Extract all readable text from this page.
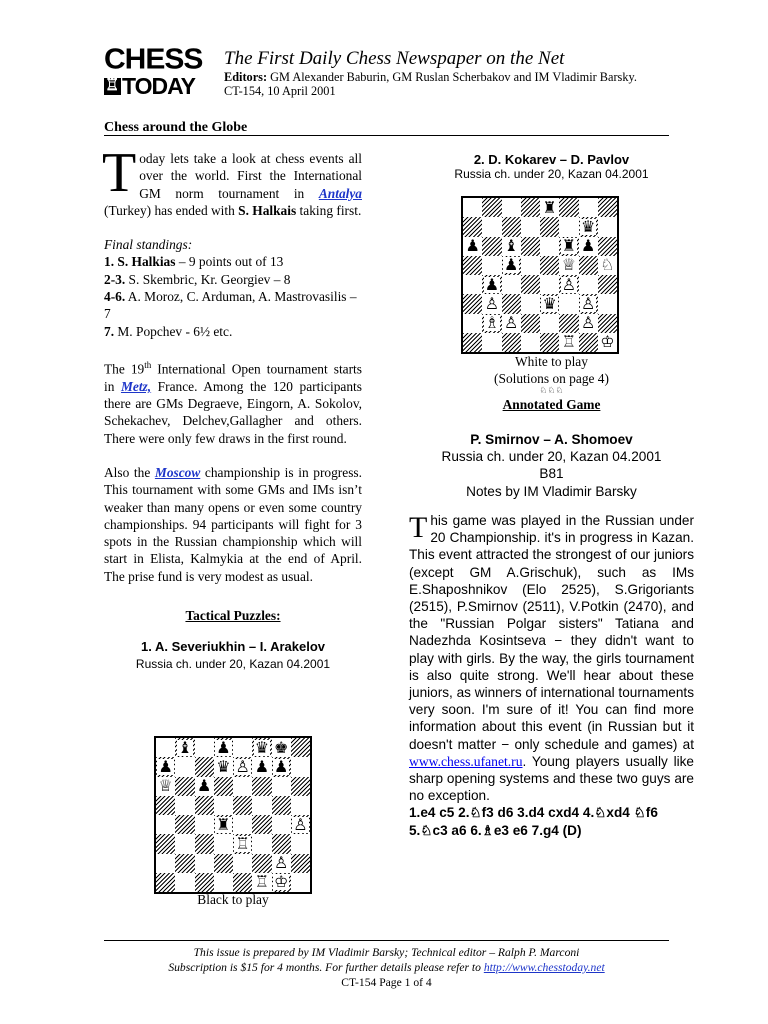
CHESS
♖
TODAY
The First Daily Chess Newspaper on the Net
Editors: GM Alexander Baburin, GM Ruslan Scherbakov and IM Vladimir Barsky.
CT-154, 10 April 2001
Chess around the Globe

Today lets take a look at chess events all over the world. First the International GM norm tournament in Antalya (Turkey) has ended with S. Halkais taking first.

Final standings:
1. S. Halkias – 9 points out of 13
2-3. S. Skembric, Kr. Georgiev – 8
4-6. A. Moroz, C. Arduman, A. Mastrovasilis – 7
7. M. Popchev - 6½ etc.

The 19th International Open tournament starts in Metz, France. Among the 120 participants there are GMs Degraeve, Eingorn, A. Sokolov, Schekachev, Delchev,Gallagher and others. There were only few draws in the first round.

Also the Moscow championship is in progress. This tournament with some GMs and IMs isn’t weaker than many opens or even some country championships. 94 participants will fight for 3 spots in the Russian championship which will start in Elista, Kalmykia at the end of April. The prise fund is very modest as usual.

Tactical Puzzles:
1. A. Severiukhin – I. Arakelov
Russia ch. under 20, Kazan 04.2001
♝ ♟ ♛ ♚
♟	♛ ♙ ♟ ♟
♕ ♟
♜	♙
♖
♙
♖ ♔
Black to play
2. D. Kokarev – D. Pavlov
Russia ch. under 20, Kazan 04.2001
♜
♛
♟ ♝	♜ ♟
♟	♕ ♘
♟	♙
♙	♛ ♙
♗ ♙	♙
♖ ♔
White to play
(Solutions on page 4)
♘♘♘
Annotated Game
P. Smirnov – A. Shomoev
Russia ch. under 20, Kazan 04.2001
B81
Notes by IM Vladimir Barsky
This game was played in the Russian under 20 Championship. it's in progress in Kazan. This event attracted the strongest of our juniors (except GM A.Grischuk), such as IMs E.Shaposhnikov (Elo 2525), S.Grigoriants (2515), P.Smirnov (2511), V.Potkin (2470), and the "Russian Polgar sisters" Tatiana and Nadezhda Kosintseva − they didn't want to play with girls. By the way, the girls tournament is also quite strong. We'll hear about these juniors, as winners of international tournaments very soon. I'm sure of it! You can find more information about this event (in Russian but it doesn't matter − only schedule and games) at www.chess.ufanet.ru. Young players usually like sharp opening systems and these two guys are no exception.
1.e4 c5 2.♘f3 d6 3.d4 cxd4 4.♘xd4 ♘f6 5.♘c3 a6 6.♗e3 e6 7.g4 (D)
This issue is prepared by IM Vladimir Barsky; Technical editor – Ralph P. Marconi
Subscription is $15 for 4 months. For further details please refer to http://www.chesstoday.net
CT-154 Page 1 of 4
